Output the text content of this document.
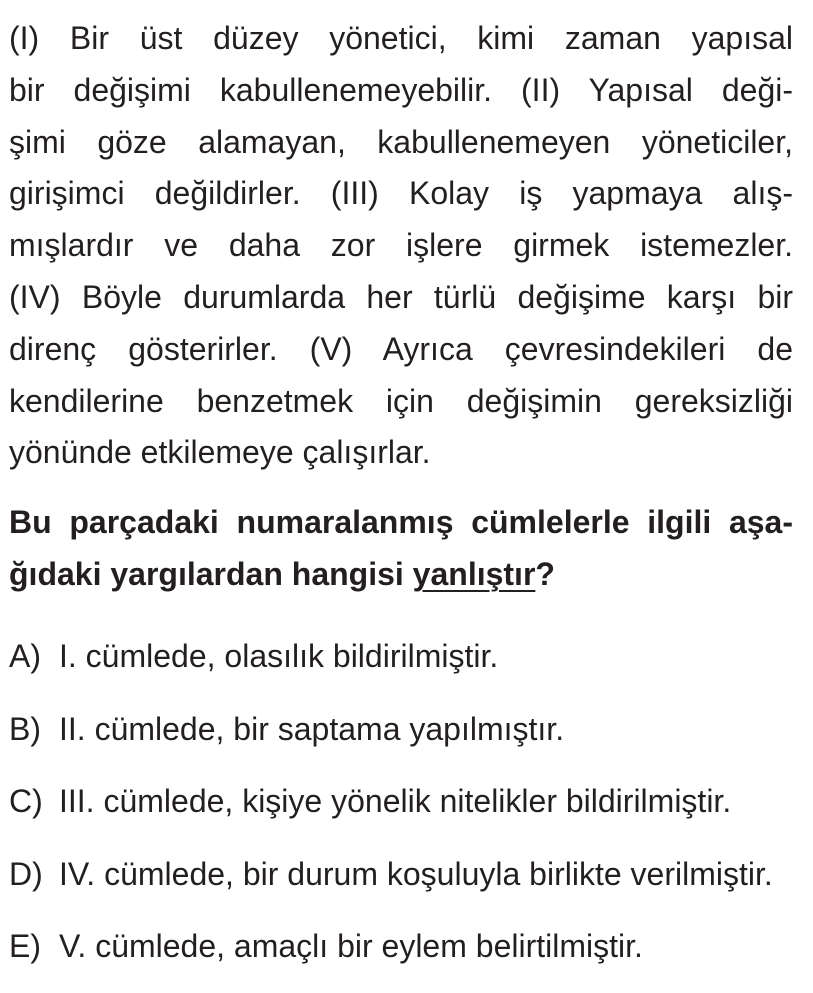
(I) Bir üst düzey yönetici, kimi zaman yapısal
bir değişimi kabullenemeyebilir. (II) Yapısal deği-
şimi göze alamayan, kabullenemeyen yöneticiler,
girişimci değildirler. (III) Kolay iş yapmaya alış-
mışlardır ve daha zor işlere girmek istemezler.
(IV) Böyle durumlarda her türlü değişime karşı bir
direnç gösterirler. (V) Ayrıca çevresindekileri de
kendilerine benzetmek için değişimin gereksizliği
yönünde etkilemeye çalışırlar.
Bu parçadaki numaralanmış cümlelerle ilgili aşa-
ğıdaki yargılardan hangisi yanlıştır?
A) I. cümlede, olasılık bildirilmiştir.
B) II. cümlede, bir saptama yapılmıştır.
C) III. cümlede, kişiye yönelik nitelikler bildirilmiştir.
D) IV. cümlede, bir durum koşuluyla birlikte verilmiştir.
E) V. cümlede, amaçlı bir eylem belirtilmiştir.
